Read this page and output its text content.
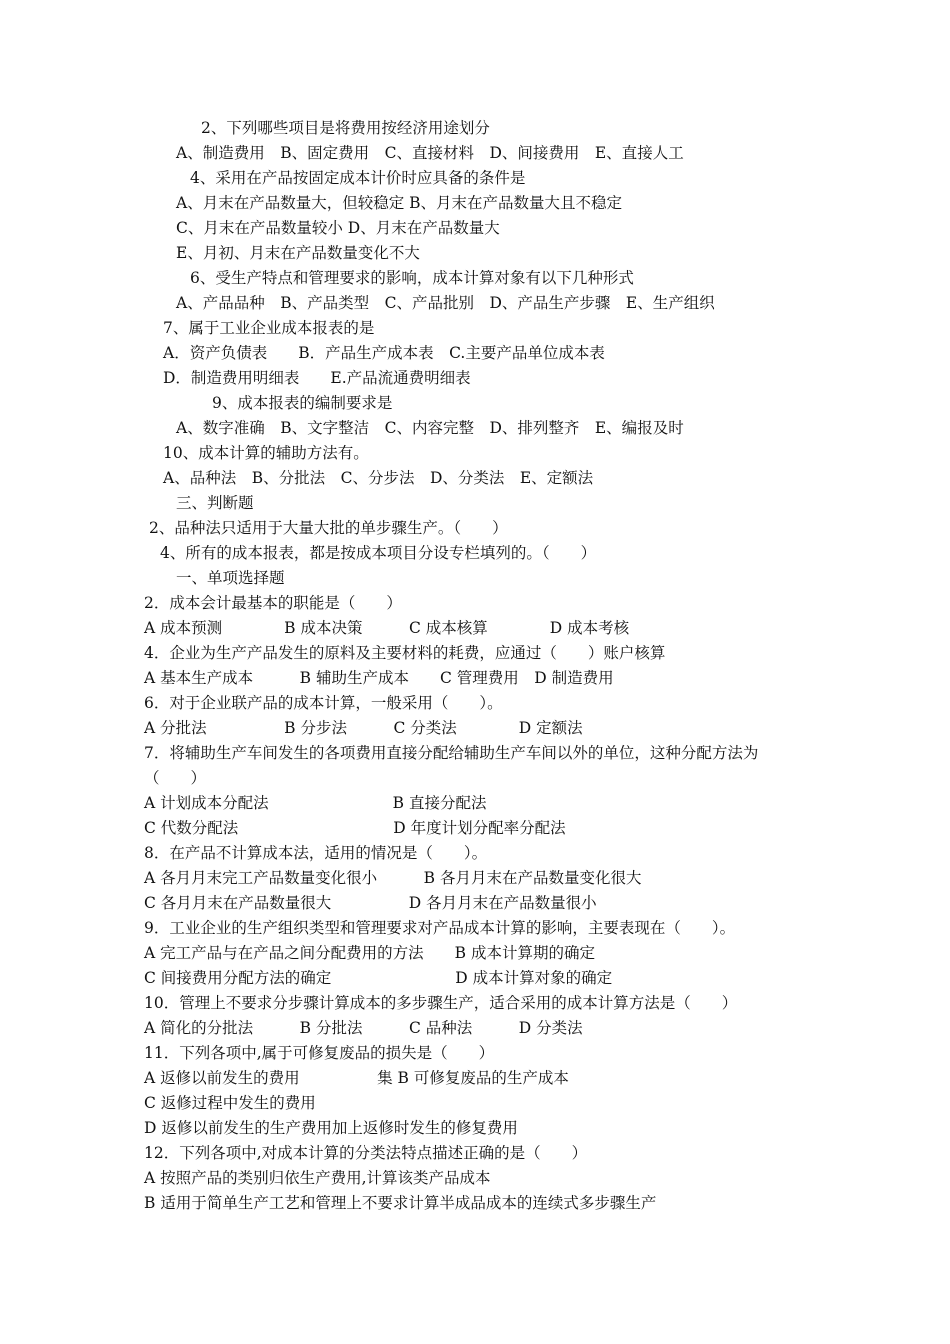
2、下列哪些项目是将费用按经济用途划分
A、制造费用　B、固定费用　C、直接材料　D、间接费用　E、直接人工
4、采用在产品按固定成本计价时应具备的条件是
A、月末在产品数量大，但较稳定 B、月末在产品数量大且不稳定
C、月末在产品数量较小 D、月末在产品数量大
E、月初、月末在产品数量变化不大
6、受生产特点和管理要求的影响，成本计算对象有以下几种形式
A、产品品种　B、产品类型　C、产品批别　D、产品生产步骤　E、生产组织
7、属于工业企业成本报表的是
A．资产负债表　　B．产品生产成本表　C.主要产品单位成本表
D．制造费用明细表　　E.产品流通费明细表
9、成本报表的编制要求是
A、数字准确　B、文字整洁　C、内容完整　D、排列整齐　E、编报及时
10、成本计算的辅助方法有。
A、品种法　B、分批法　C、分步法　D、分类法　E、定额法
三、判断题
2、品种法只适用于大量大批的单步骤生产。（　　）
4、所有的成本报表，都是按成本项目分设专栏填列的。（　　）
一、单项选择题
2．成本会计最基本的职能是（　　）
A 成本预测　　　　B 成本决策　　　C 成本核算　　　　D 成本考核
4．企业为生产产品发生的原料及主要材料的耗费，应通过（　　）账户核算
A 基本生产成本　　　B 辅助生产成本　　C 管理费用　D 制造费用
6．对于企业联产品的成本计算，一般采用（　　）。
A 分批法　　　　　B 分步法　　　C 分类法　　　　D 定额法
7．将辅助生产车间发生的各项费用直接分配给辅助生产车间以外的单位，这种分配方法为
（　　）
A 计划成本分配法　　　　　　　　B 直接分配法
C 代数分配法　　　　　　　　　　D 年度计划分配率分配法
8．在产品不计算成本法，适用的情况是（　　）。
A 各月月末完工产品数量变化很小　　　B 各月月末在产品数量变化很大
C 各月月末在产品数量很大　　　　　D 各月月末在产品数量很小
9．工业企业的生产组织类型和管理要求对产品成本计算的影响，主要表现在（　　）。
A 完工产品与在产品之间分配费用的方法　　B 成本计算期的确定
C 间接费用分配方法的确定　　　　　　　　D 成本计算对象的确定
10．管理上不要求分步骤计算成本的多步骤生产，适合采用的成本计算方法是（　　）
A 简化的分批法　　　B 分批法　　　C 品种法　　　D 分类法
11．下列各项中,属于可修复废品的损失是（　　）
A 返修以前发生的费用　　　　　集 B 可修复废品的生产成本
C 返修过程中发生的费用
D 返修以前发生的生产费用加上返修时发生的修复费用
12．下列各项中,对成本计算的分类法特点描述正确的是（　　）
A 按照产品的类别归依生产费用,计算该类产品成本
B 适用于简单生产工艺和管理上不要求计算半成品成本的连续式多步骤生产
